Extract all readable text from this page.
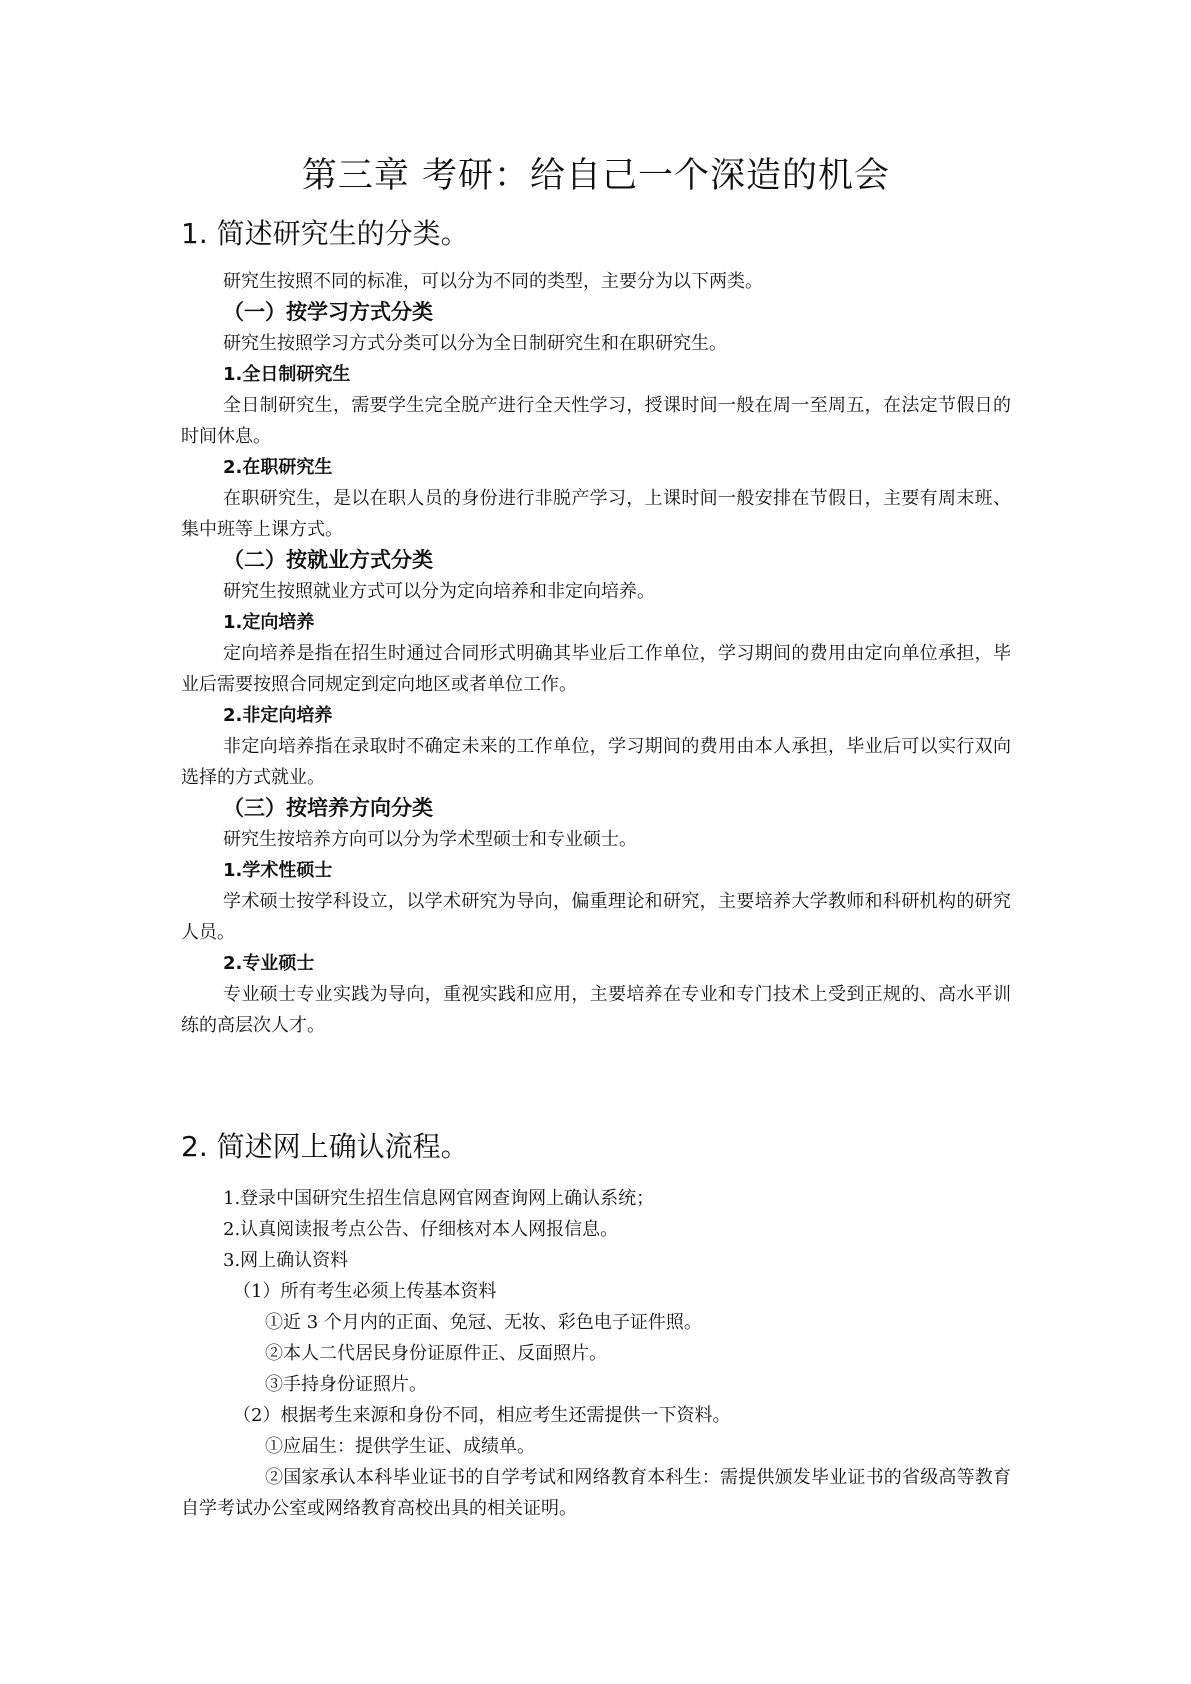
第三章 考研：给自己一个深造的机会
1. 简述研究生的分类。

研究生按照不同的标准，可以分为不同的类型，主要分为以下两类。

（一）按学习方式分类

研究生按照学习方式分类可以分为全日制研究生和在职研究生。

1.全日制研究生

全日制研究生，需要学生完全脱产进行全天性学习，授课时间一般在周一至周五，在法定节假日的时间休息。

2.在职研究生

在职研究生，是以在职人员的身份进行非脱产学习，上课时间一般安排在节假日，主要有周末班、集中班等上课方式。

（二）按就业方式分类

研究生按照就业方式可以分为定向培养和非定向培养。

1.定向培养

定向培养是指在招生时通过合同形式明确其毕业后工作单位，学习期间的费用由定向单位承担，毕业后需要按照合同规定到定向地区或者单位工作。

2.非定向培养

非定向培养指在录取时不确定未来的工作单位，学习期间的费用由本人承担，毕业后可以实行双向选择的方式就业。

（三）按培养方向分类

研究生按培养方向可以分为学术型硕士和专业硕士。

1.学术性硕士

学术硕士按学科设立，以学术研究为导向，偏重理论和研究，主要培养大学教师和科研机构的研究人员。

2.专业硕士

专业硕士专业实践为导向，重视实践和应用，主要培养在专业和专门技术上受到正规的、高水平训练的高层次人才。

2. 简述网上确认流程。

1.登录中国研究生招生信息网官网查询网上确认系统；

2.认真阅读报考点公告、仔细核对本人网报信息。

3.网上确认资料

（1）所有考生必须上传基本资料

①近 3 个月内的正面、免冠、无妆、彩色电子证件照。

②本人二代居民身份证原件正、反面照片。

③手持身份证照片。

（2）根据考生来源和身份不同，相应考生还需提供一下资料。

①应届生：提供学生证、成绩单。

②国家承认本科毕业证书的自学考试和网络教育本科生：需提供颁发毕业证书的省级高等教育自学考试办公室或网络教育高校出具的相关证明。
